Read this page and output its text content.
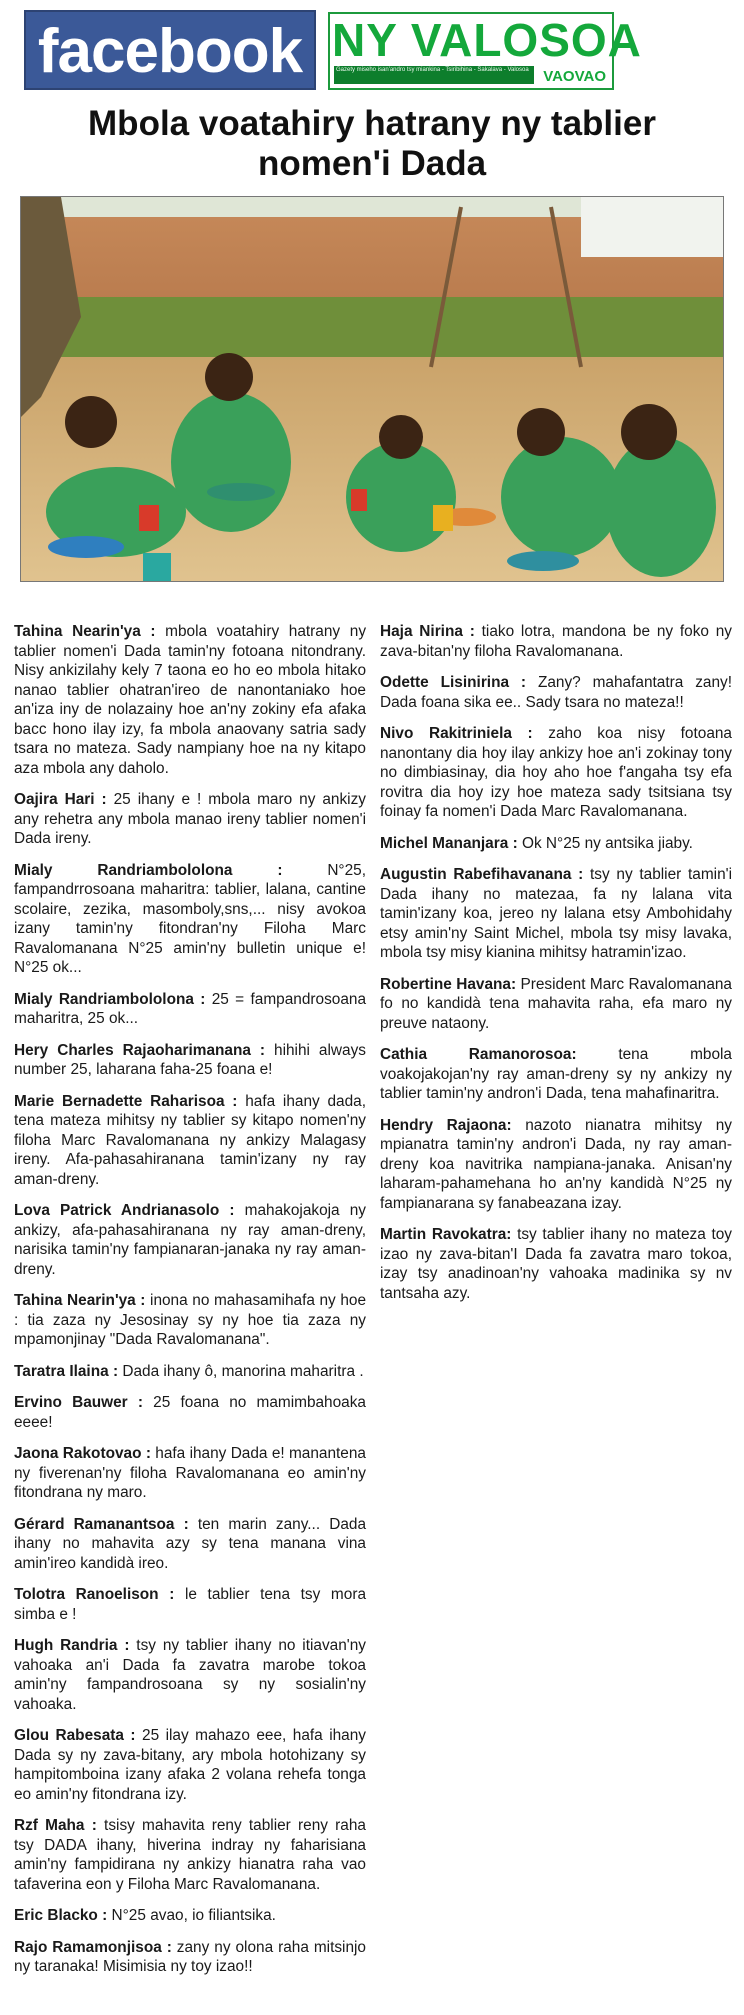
facebook NY VALOSOA
Gazety miseho isan'andro tsy miankina - Tsiribihina - Sakalava - Valosoa VAOVAO
Mbola voatahiry hatrany ny tablier nomen'i Dada

Tahina Nearin'ya : mbola voatahiry hatrany ny tablier nomen'i Dada tamin'ny fotoana nitondrany. Nisy ankizilahy kely 7 taona eo ho eo mbola hitako nanao tablier ohatran'ireo de nanontaniako hoe an'iza iny de nolazainy hoe an'ny zokiny efa afaka bacc hono ilay izy, fa mbola anaovany satria sady tsara no mateza. Sady nampiany hoe na ny kitapo aza mbola any daholo.

Oajira Hari : 25 ihany e ! mbola maro ny ankizy any rehetra any mbola manao ireny tablier nomen'i Dada ireny.

Mialy Randriambololona : N°25, fampandrrosoana maharitra: tablier, lalana, cantine scolaire, zezika, masomboly,sns,... nisy avokoa izany tamin'ny fitondran'ny Filoha Marc Ravalomanana N°25 amin'ny bulletin unique e! N°25 ok...

Mialy Randriambololona : 25 = fampandrosoana maharitra, 25 ok...

Hery Charles Rajaoharimanana : hihihi always number 25, laharana faha-25 foana e!

Marie Bernadette Raharisoa : hafa ihany dada, tena mateza mihitsy ny tablier sy kitapo nomen'ny filoha Marc Ravalomanana ny ankizy Malagasy ireny. Afa-pahasahiranana tamin'izany ny ray aman-dreny.

Lova Patrick Andrianasolo : mahakojakoja ny ankizy, afa-pahasahiranana ny ray aman-dreny, narisika tamin'ny fampianaran-janaka ny ray aman-dreny.

Tahina Nearin'ya : inona no mahasamihafa ny hoe : tia zaza ny Jesosinay sy ny hoe tia zaza ny mpamonjinay "Dada Ravalomanana".

Taratra Ilaina : Dada ihany ô, manorina maharitra .

Ervino Bauwer : 25 foana no mamimbahoaka eeee!

Jaona Rakotovao : hafa ihany Dada e! manantena ny fiverenan'ny filoha Ravalomanana eo amin'ny fitondrana ny maro.

Gérard Ramanantsoa : ten marin zany... Dada ihany no mahavita azy sy tena manana vina amin'ireo kandidà ireo.

Tolotra Ranoelison : le tablier tena tsy mora simba e !

Hugh Randria : tsy ny tablier ihany no itiavan'ny vahoaka an'i Dada fa zavatra marobe tokoa amin'ny fampandrosoana sy ny sosialin'ny vahoaka.

Glou Rabesata : 25 ilay mahazo eee, hafa ihany Dada sy ny zava-bitany, ary mbola hotohizany sy hampitomboina izany afaka 2 volana rehefa tonga eo amin'ny fitondrana izy.

Rzf Maha : tsisy mahavita reny tablier reny raha tsy DADA ihany, hiverina indray ny faharisiana amin'ny fampidirana ny ankizy hianatra raha vao tafaverina eon y Filoha Marc Ravalomanana.

Eric Blacko : N°25 avao, io filiantsika.

Rajo Ramamonjisoa : zany ny olona raha mitsinjo ny taranaka! Misimisia ny toy izao!!

Haja Nirina : tiako lotra, mandona be ny foko ny zava-bitan'ny filoha Ravalomanana.

Odette Lisinirina : Zany? mahafantatra zany! Dada foana sika ee.. Sady tsara no mateza!!

Nivo Rakitriniela : zaho koa nisy fotoana nanontany dia hoy ilay ankizy hoe an'i zokinay tony no dimbiasinay, dia hoy aho hoe f'angaha tsy efa rovitra dia hoy izy hoe mateza sady tsitsiana tsy foinay fa nomen'i Dada Marc Ravalomanana.

Michel Mananjara : Ok N°25 ny antsika jiaby.

Augustin Rabefihavanana : tsy ny tablier tamin'i Dada ihany no matezaa, fa ny lalana vita tamin'izany koa, jereo ny lalana etsy Ambohidahy etsy amin'ny Saint Michel, mbola tsy misy lavaka, mbola tsy misy kianina mihitsy hatramin'izao.

Robertine Havana: President Marc Ravalomanana fo no kandidà tena mahavita raha, efa maro ny preuve nataony.

Cathia Ramanorosoa: tena mbola voakojakojan'ny ray aman-dreny sy ny ankizy ny tablier tamin'ny andron'i Dada, tena mahafinaritra.

Hendry Rajaona: nazoto nianatra mihitsy ny mpianatra tamin'ny andron'i Dada, ny ray aman-dreny koa navitrika nampiana-janaka. Anisan'ny laharam-pahamehana ho an'ny kandidà N°25 ny fampianarana sy fanabeazana izay.

Martin Ravokatra: tsy tablier ihany no mateza toy izao ny zava-bitan'I Dada fa zavatra maro tokoa, izay tsy anadinoan'ny vahoaka madinika sy nv tantsaha azy.
